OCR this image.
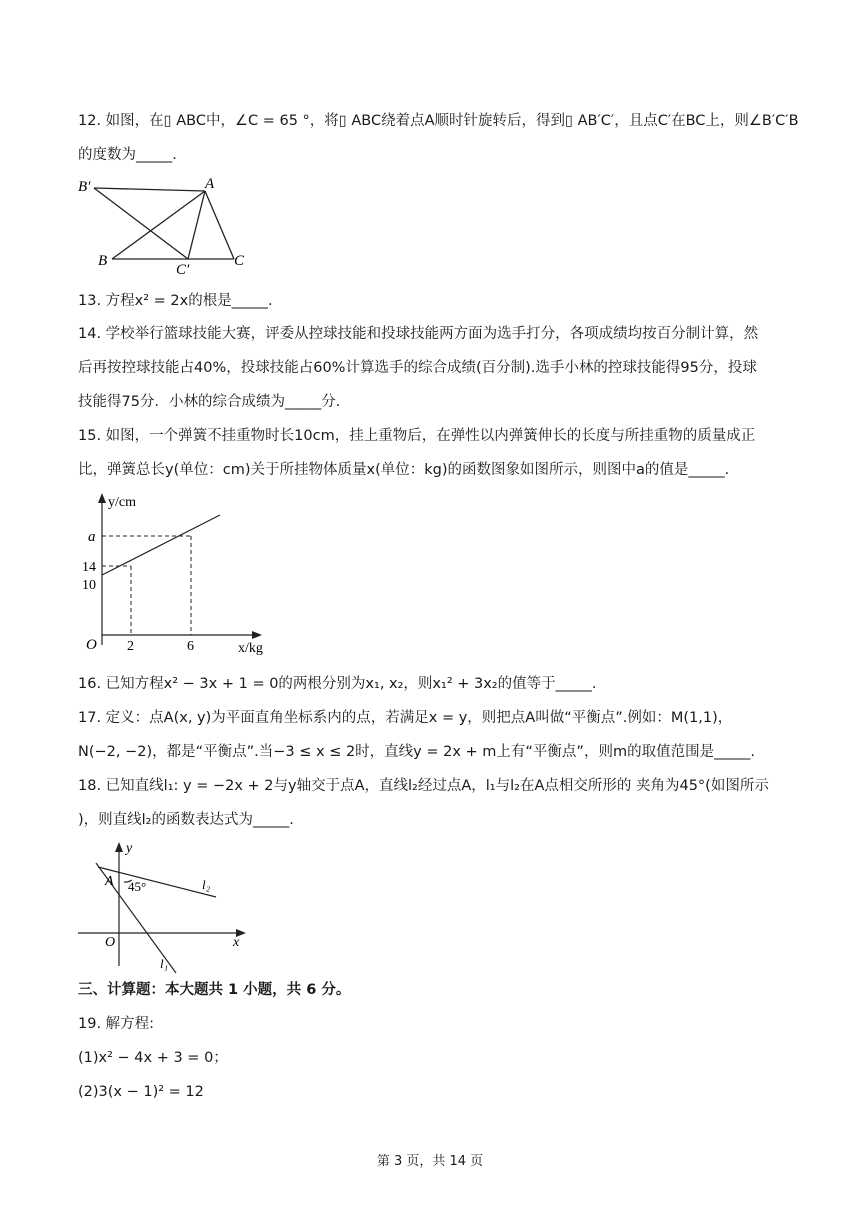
12. 如图，在▯ ABC中，∠C = 65 °，将▯ ABC绕着点A顺时针旋转后，得到▯ AB′C′，且点C′在BC上，则∠B′C′B
的度数为_____.
B′	A
B
C′
C
13. 方程x² = 2x的根是_____.
14. 学校举行篮球技能大赛，评委从控球技能和投球技能两方面为选手打分，各项成绩均按百分制计算，然
后再按控球技能占40%，投球技能占60%计算选手的综合成绩(百分制).选手小林的控球技能得95分，投球
技能得75分．小林的综合成绩为_____分.
15. 如图，一个弹簧不挂重物时长10cm，挂上重物后，在弹性以内弹簧伸长的长度与所挂重物的质量成正
比，弹簧总长y(单位：cm)关于所挂物体质量x(单位：kg)的函数图象如图所示，则图中a的值是_____.
y/cm
x/kg
O
a
14
10
2	6
16. 已知方程x² − 3x + 1 = 0的两根分别为x₁, x₂，则x₁² + 3x₂的值等于_____.
17. 定义：点A(x, y)为平面直角坐标系内的点，若满足x = y，则把点A叫做“平衡点”.例如：M(1,1)，
N(−2, −2)，都是“平衡点”.当−3 ≤ x ≤ 2时，直线y = 2x + m上有“平衡点”，则m的取值范围是_____.
18. 已知直线l₁: y = −2x + 2与y轴交于点A，直线l₂经过点A，l₁与l₂在A点相交所形的 夹角为45°(如图所示
)，则直线l₂的函数表达式为_____.
y
x
O
A 45°
l₁
l₂
三、计算题：本大题共 1 小题，共 6 分。
19. 解方程:
(1)x² − 4x + 3 = 0；
(2)3(x − 1)² = 12
第 3 页，共 14 页
